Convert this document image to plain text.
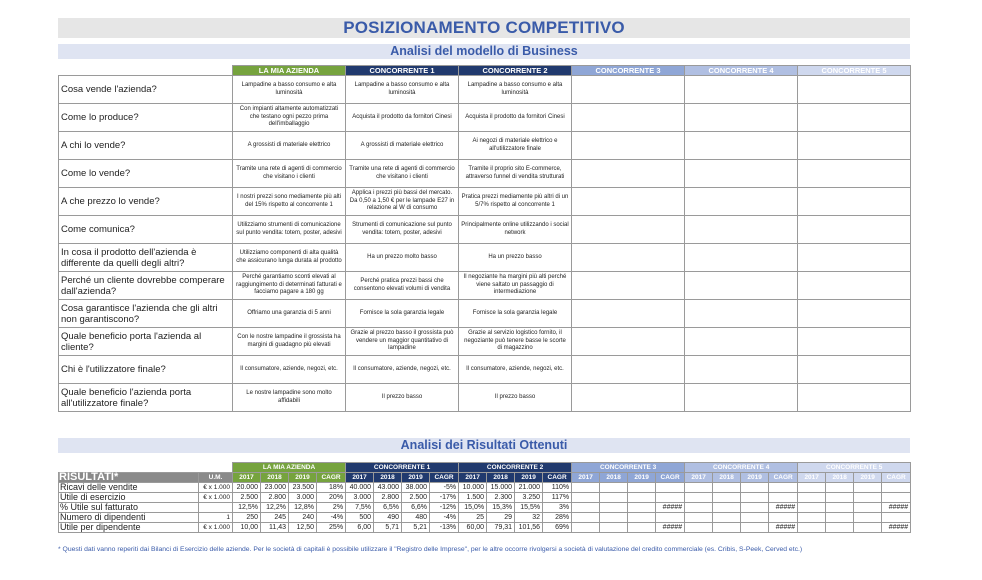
POSIZIONAMENTO COMPETITIVO
Analisi del modello di Business
	LA MIA AZIENDA	CONCORRENTE 1	CONCORRENTE 2	CONCORRENTE 3	CONCORRENTE 4	CONCORRENTE 5
Cosa vende l'azienda?	Lampadine a basso consumo e alta luminosità	Lampadine a basso consumo e alta luminosità	Lampadine a basso consumo e alta luminosità			
Come lo produce?	Con impianti altamente automatizzati che testano ogni pezzo prima dell'imballaggio	Acquista il prodotto da fornitori Cinesi	Acquista il prodotto da fornitori Cinesi			
A chi lo vende?	A grossisti di materiale elettrico	A grossisti di materiale elettrico	Ai negozi di materiale elettrico e all'utilizzatore finale			
Come lo vende?	Tramite una rete di agenti di commercio che visitano i clienti	Tramite una rete di agenti di commercio che visitano i clienti	Tramite il proprio sito E-commerce, attraverso funnel di vendita strutturati			
A che prezzo lo vende?	I nostri prezzi sono mediamente più alti del 15% rispetto al concorrente 1	Applica i prezzi più bassi del mercato. Da 0,50 a 1,50 € per le lampade E27 in relazione al W di consumo	Pratica prezzi mediamente più altri di un 5/7% rispetto al concorrente 1			
Come comunica?	Utilizziamo strumenti di comunicazione sul punto vendita: totem, poster, adesivi	Strumenti di comunicazione sul punto vendita: totem, poster, adesivi	Principalmente online utilizzando i social network			
In cosa il prodotto dell'azienda è differente da quelli degli altri?	Utilizziamo componenti di alta qualità che assicurano lunga durata al prodotto	Ha un prezzo molto basso	Ha un prezzo basso			
Perché un cliente dovrebbe comperare dall'azienda?	Perché garantiamo sconti elevati al raggiungimento di determinati fatturati e facciamo pagare a 180 gg	Perché pratica prezzi bassi che consentono elevati volumi di vendita	Il negoziante ha margini più alti perché viene saltato un passaggio di intermediazione			
Cosa garantisce l'azienda che gli altri non garantiscono?	Offriamo una garanzia di 5 anni	Fornisce la sola garanzia legale	Fornisce la sola garanzia legale			
Quale beneficio porta l'azienda al cliente?	Con le nostre lampadine il grossista ha margini di guadagno più elevati	Grazie al prezzo basso il grossista può vendere un maggior quantitativo di lampadine	Grazie al servizio logistico fornito, il negoziante può tenere basse le scorte di magazzino			
Chi è l'utilizzatore finale?	Il consumatore, aziende, negozi, etc.	Il consumatore, aziende, negozi, etc.	Il consumatore, aziende, negozi, etc.			
Quale beneficio l'azienda porta all'utilizzatore finale?	Le nostre lampadine sono molto affidabili	Il prezzo basso	Il prezzo basso			
Analisi dei Risultati Ottenuti
		LA MIA AZIENDA				CONCORRENTE 1				CONCORRENTE 2				CONCORRENTE 3				CONCORRENTE 4				CONCORRENTE 5			
RISULTATI*	U.M.	2017	2018	2019	CAGR	2017	2018	2019	CAGR	2017	2018	2019	CAGR	2017	2018	2019	CAGR	2017	2018	2019	CAGR	2017	2018	2019	CAGR
Ricavi delle vendite	€ x 1.000	20.000	23.000	23.500	18%	40.000	43.000	38.000	-5%	10.000	15.000	21.000	110%												
Utile di esercizio	€ x 1.000	2.500	2.800	3.000	20%	3.000	2.800	2.500	-17%	1.500	2.300	3.250	117%												
% Utile sul fatturato		12,5%	12,2%	12,8%	2%	7,5%	6,5%	6,6%	-12%	15,0%	15,3%	15,5%	3%				#####				#####				#####
Numero di dipendenti	1	250	245	240	-4%	500	490	480	-4%	25	29	32	28%												
Utile per dipendente	€ x 1.000	10,00	11,43	12,50	25%	6,00	5,71	5,21	-13%	60,00	79,31	101,56	69%				#####				#####				#####
* Questi dati vanno reperiti dai Bilanci di Esercizio delle aziende. Per le società di capitali è possibile utilizzare il "Registro delle Imprese", per le altre occorre rivolgersi a società di valutazione del credito commerciale (es. Cribis, S-Peek, Cerved etc.)
